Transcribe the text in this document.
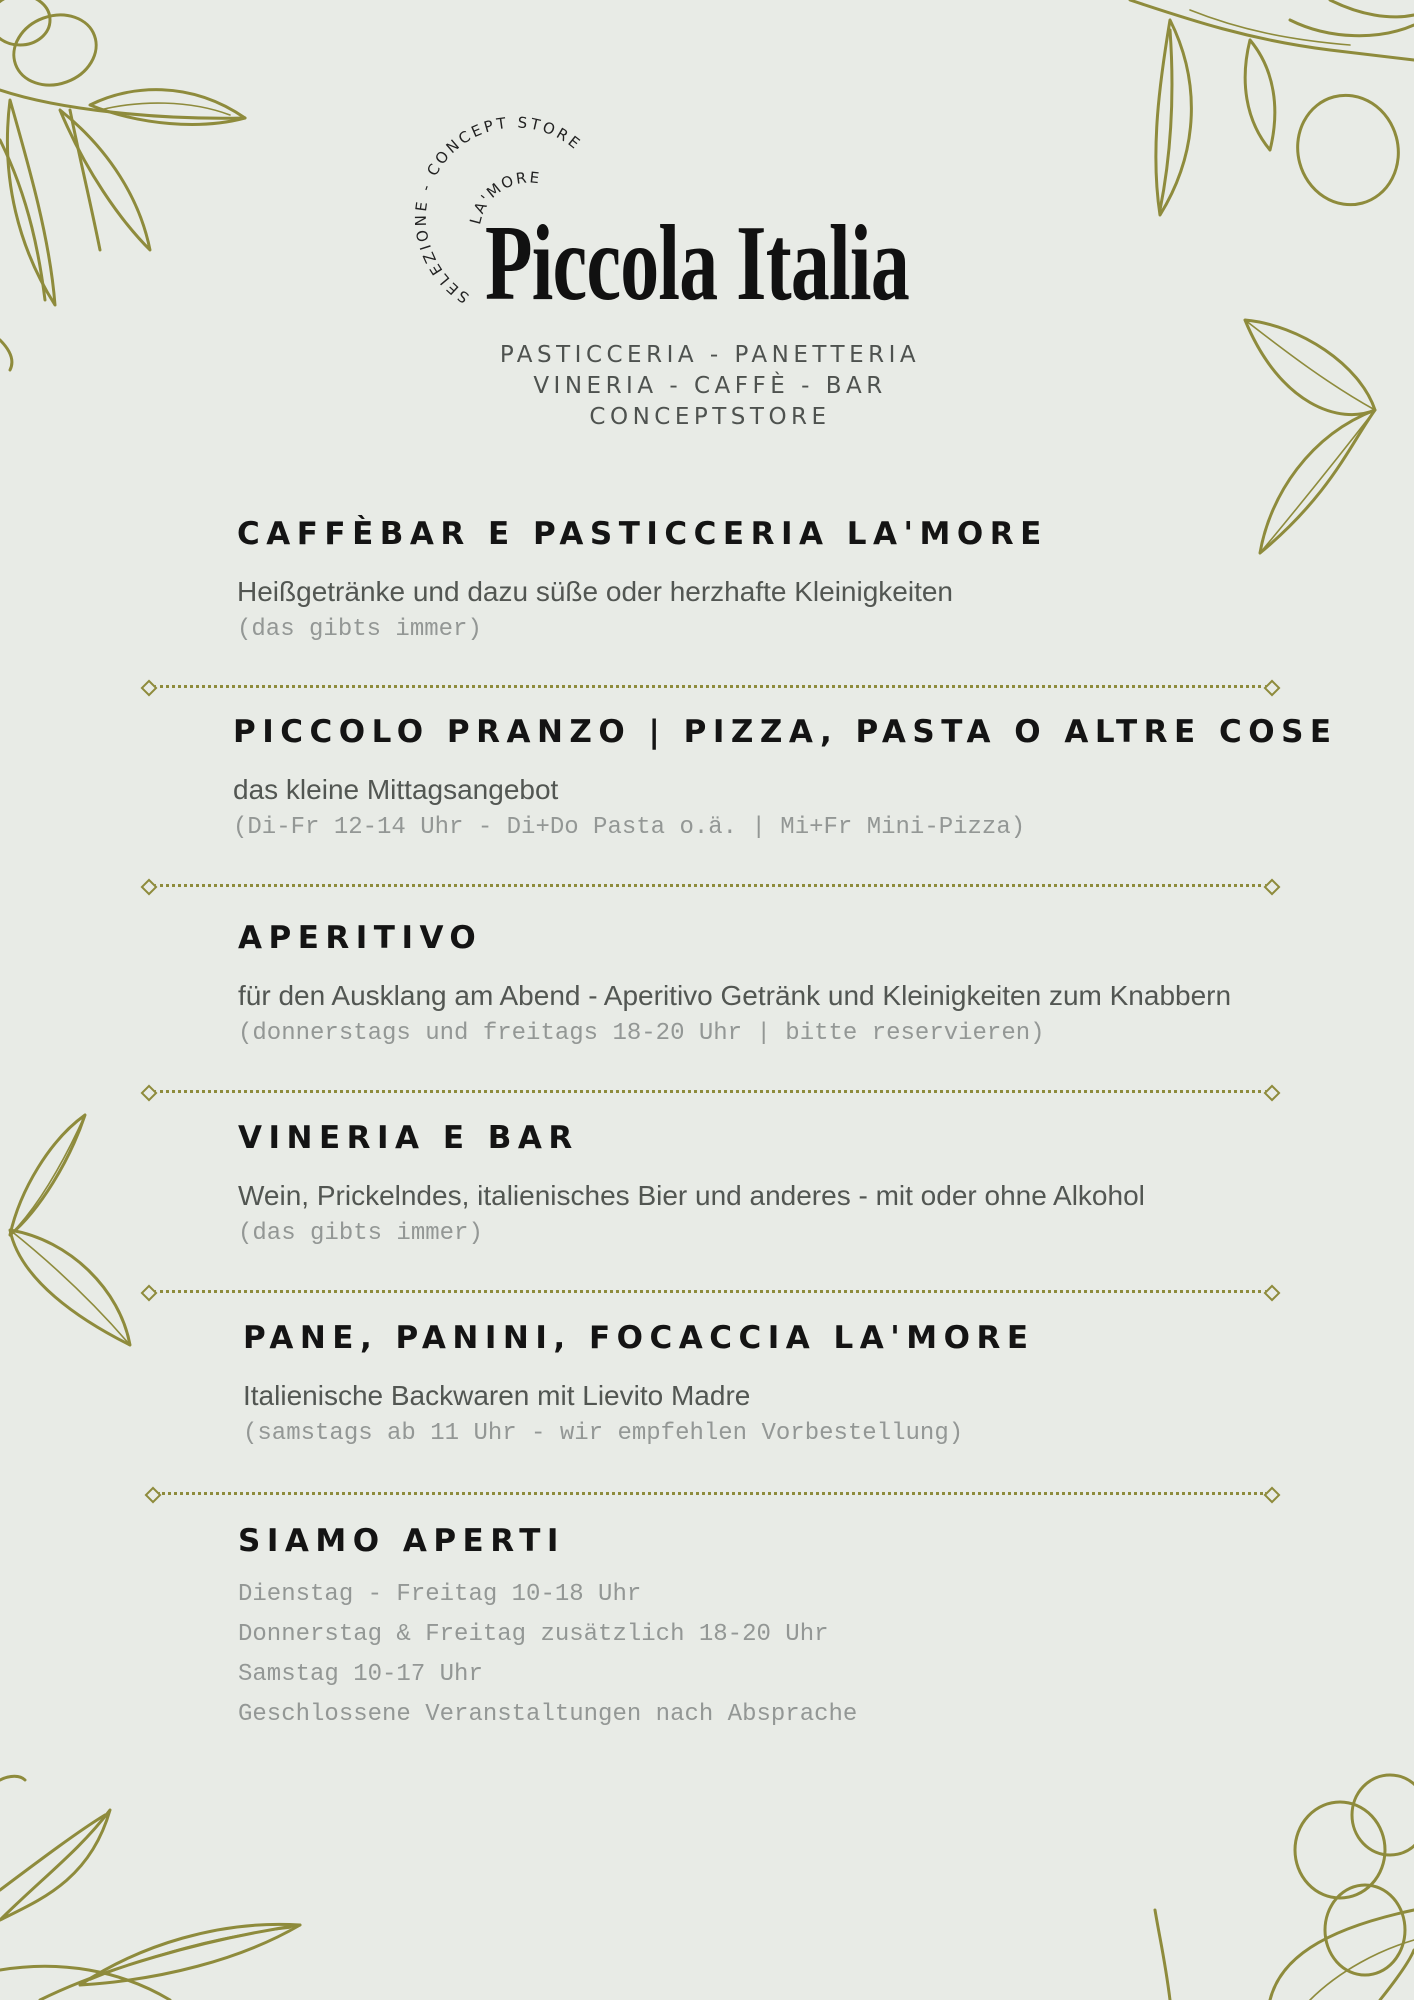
SELEZIONE - CONCEPT STORE
LA'MORE
Piccola Italia
PASTICCERIA - PANETTERIA
VINERIA - CAFFÈ - BAR
CONCEPTSTORE
CAFFÈBAR E PASTICCERIA LA'MORE
Heißgetränke und dazu süße oder herzhafte Kleinigkeiten
(das gibts immer)
PICCOLO PRANZO | PIZZA, PASTA O ALTRE COSE
das kleine Mittagsangebot
(Di-Fr 12-14 Uhr - Di+Do Pasta o.ä. | Mi+Fr Mini-Pizza)
APERITIVO
für den Ausklang am Abend - Aperitivo Getränk und Kleinigkeiten zum Knabbern
(donnerstags und freitags 18-20 Uhr | bitte reservieren)
VINERIA E BAR
Wein, Prickelndes, italienisches Bier und anderes - mit oder ohne Alkohol
(das gibts immer)
PANE, PANINI, FOCACCIA LA'MORE
Italienische Backwaren mit Lievito Madre
(samstags ab 11 Uhr - wir empfehlen Vorbestellung)
SIAMO APERTI
Dienstag - Freitag 10-18 Uhr
Donnerstag & Freitag zusätzlich 18-20 Uhr
Samstag 10-17 Uhr
Geschlossene Veranstaltungen nach Absprache
